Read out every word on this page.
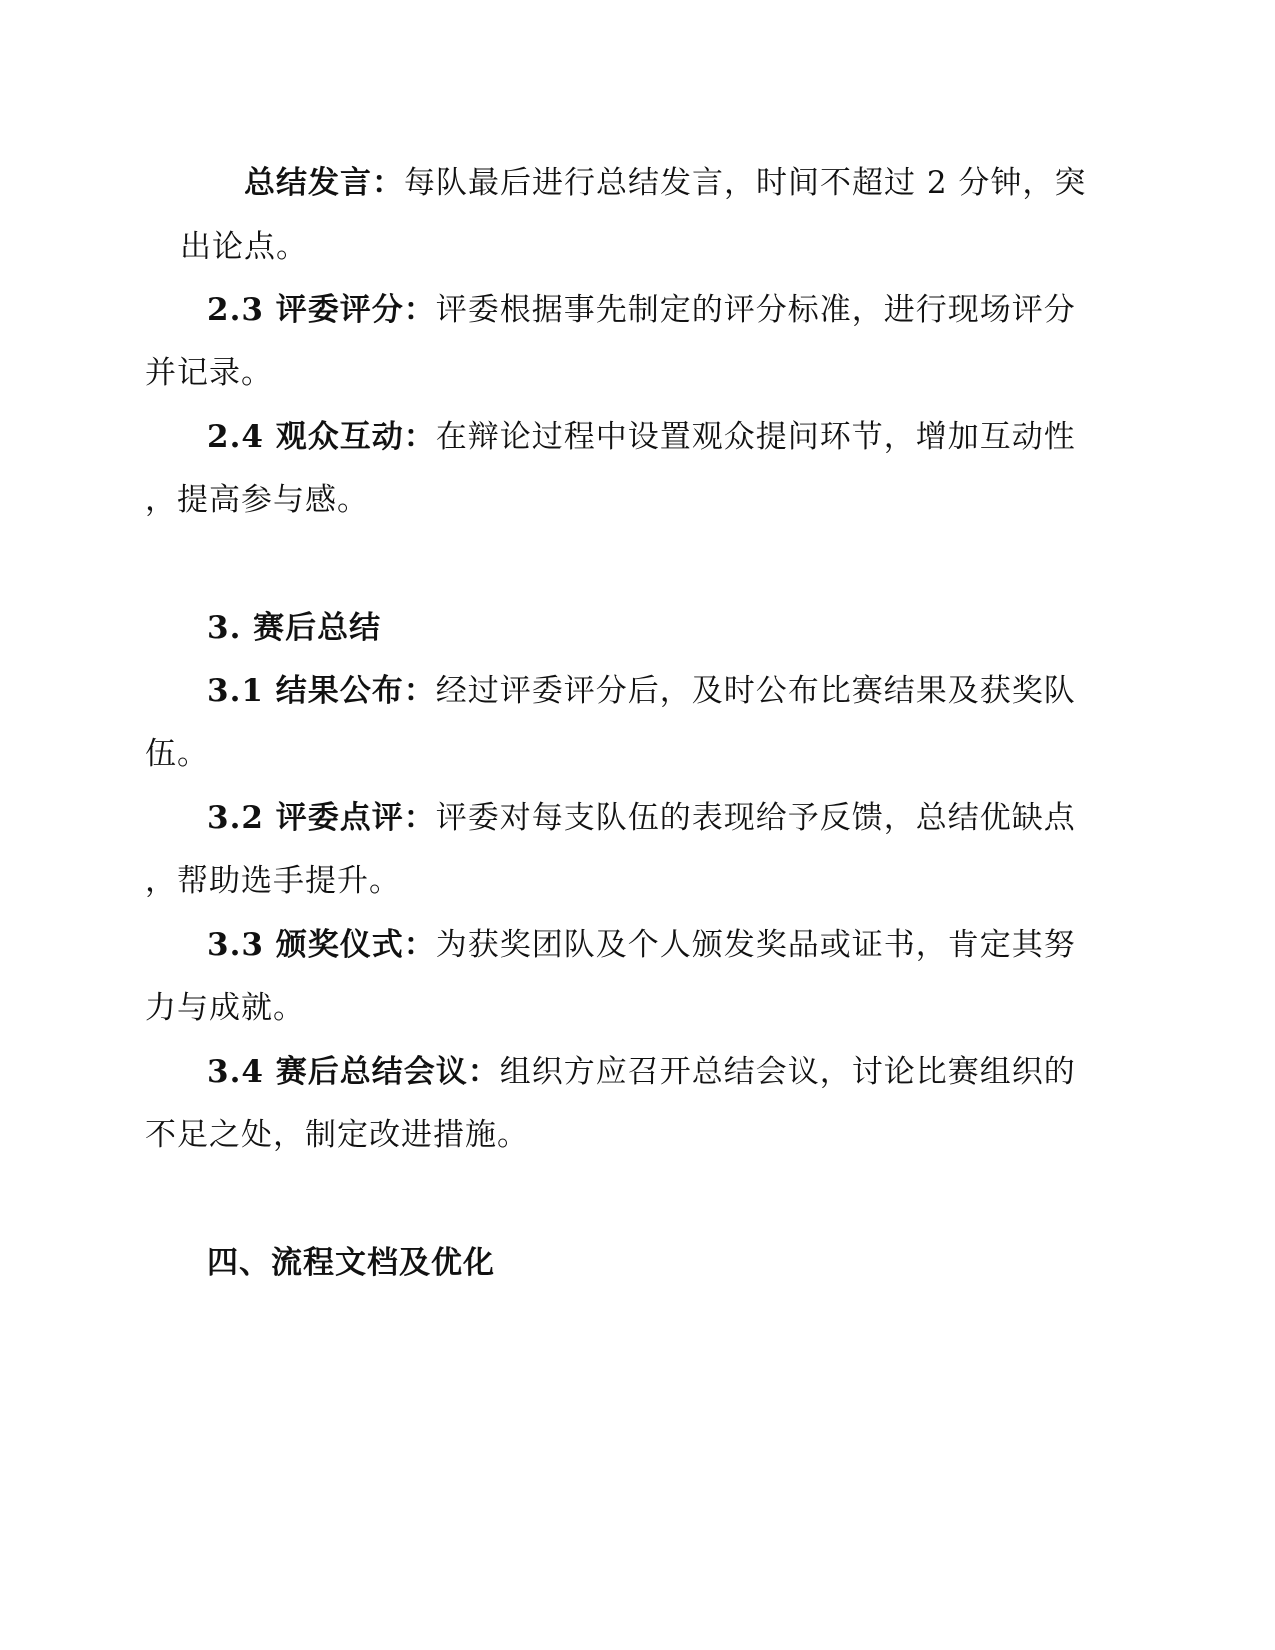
总结发言：每队最后进行总结发言，时间不超过 2 分钟，突
出论点。
2.3 评委评分：评委根据事先制定的评分标准，进行现场评分
并记录。
2.4 观众互动：在辩论过程中设置观众提问环节，增加互动性
，提高参与感。
3. 赛后总结
3.1 结果公布：经过评委评分后，及时公布比赛结果及获奖队
伍。
3.2 评委点评：评委对每支队伍的表现给予反馈，总结优缺点
，帮助选手提升。
3.3 颁奖仪式：为获奖团队及个人颁发奖品或证书，肯定其努
力与成就。
3.4 赛后总结会议：组织方应召开总结会议，讨论比赛组织的
不足之处，制定改进措施。
四、流程文档及优化
